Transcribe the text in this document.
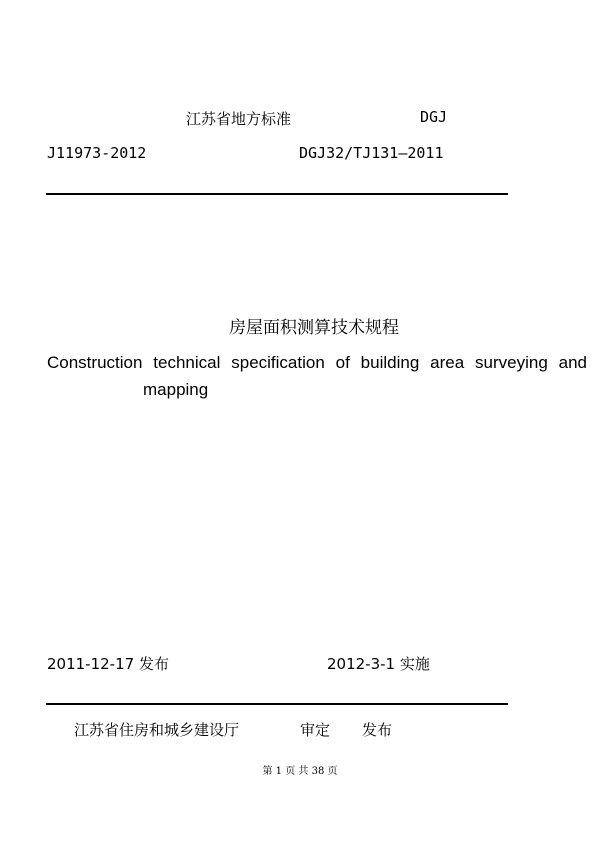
江苏省地方标准	DGJ
J11973-2012	DGJ32/TJ131—2011
房屋面积测算技术规程
Construction technical specification of building area surveying and
mapping
2011-12-17 发布	2012-3-1 实施
江苏省住房和城乡建设厅	审定 发布
第 1 页 共 38 页
